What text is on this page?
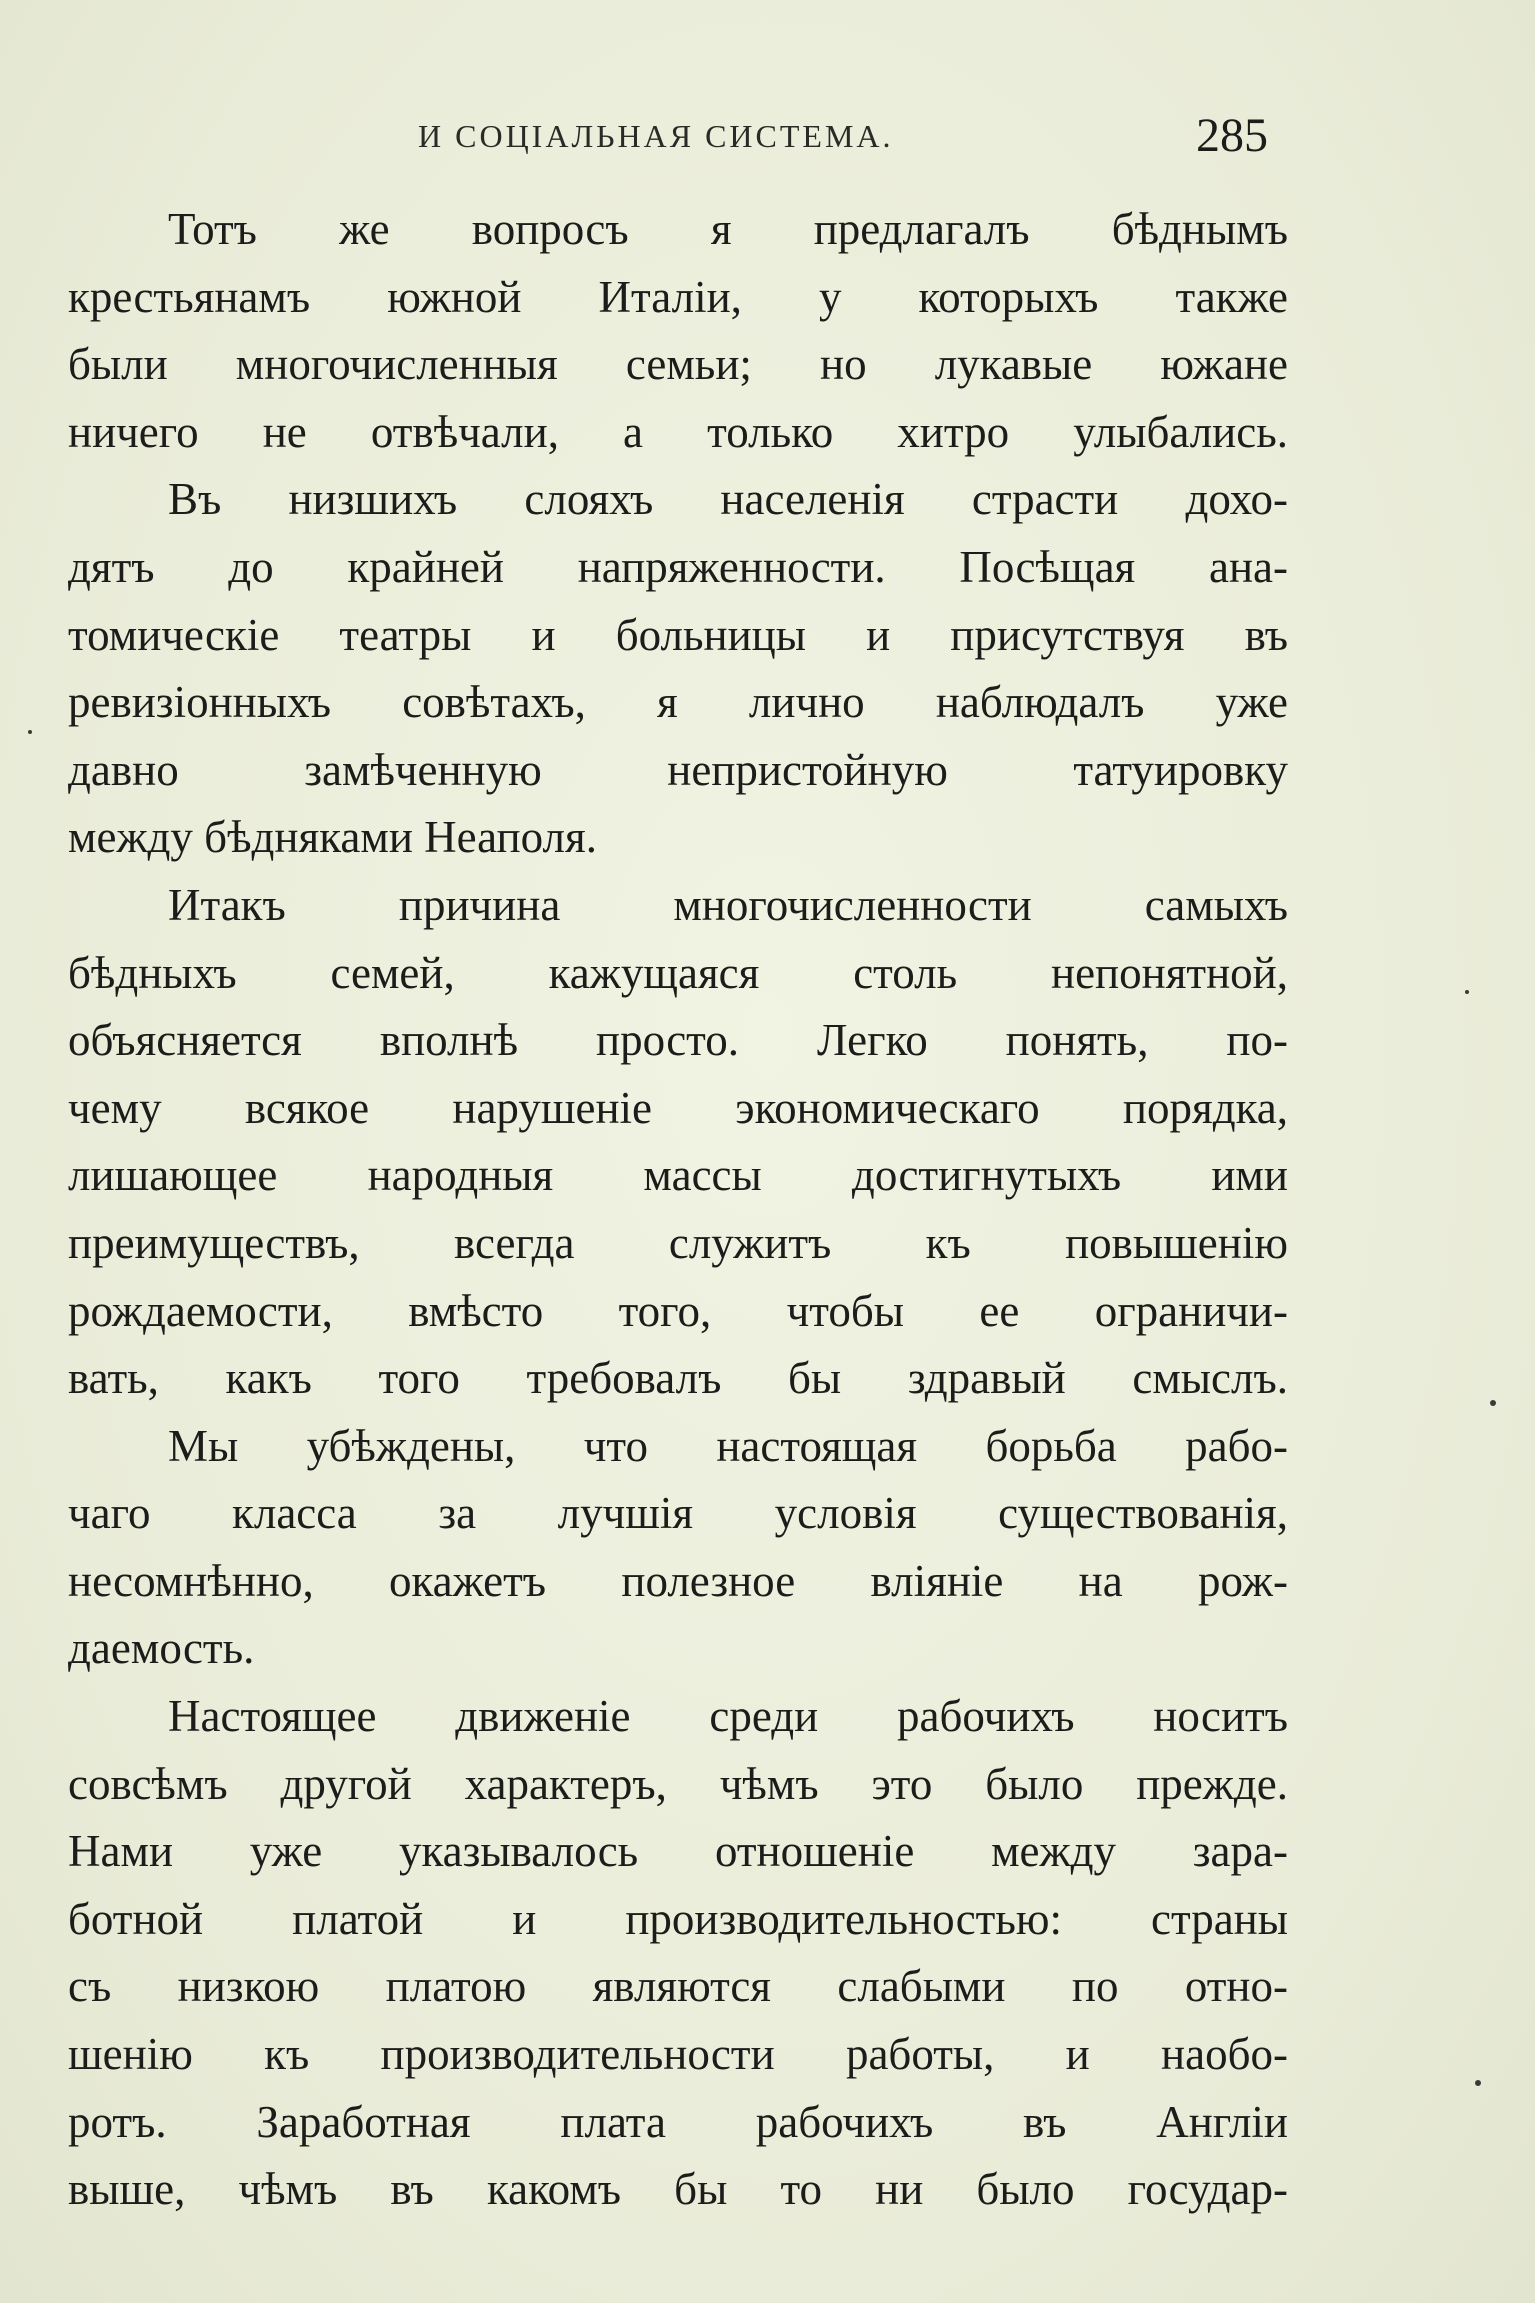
И СОЦІАЛЬНАЯ СИСТЕМА.	285
Тотъ же вопросъ я предлагалъ бѣднымъ
крестьянамъ южной Италіи, у которыхъ также
были многочисленныя семьи; но лукавые южане
ничего не отвѣчали, а только хитро улыбались.
Въ низшихъ слояхъ населенія страсти дохо-
дятъ до крайней напряженности. Посѣщая ана-
томическіе театры и больницы и присутствуя въ
ревизіонныхъ совѣтахъ, я лично наблюдалъ уже
давно замѣченную непристойную татуировку
между бѣдняками Неаполя.
Итакъ причина многочисленности самыхъ
бѣдныхъ семей, кажущаяся столь непонятной,
объясняется вполнѣ просто. Легко понять, по-
чему всякое нарушеніе экономическаго порядка,
лишающее народныя массы достигнутыхъ ими
преимуществъ, всегда служитъ къ повышенію
рождаемости, вмѣсто того, чтобы ее ограничи-
вать, какъ того требовалъ бы здравый смыслъ.
Мы убѣждены, что настоящая борьба рабо-
чаго класса за лучшія условія существованія,
несомнѣнно, окажетъ полезное вліяніе на рож-
даемость.
Настоящее движеніе среди рабочихъ носитъ
совсѣмъ другой характеръ, чѣмъ это было прежде.
Нами уже указывалось отношеніе между зара-
ботной платой и производительностью: страны
съ низкою платою являются слабыми по отно-
шенію къ производительности работы, и наобо-
ротъ. Заработная плата рабочихъ въ Англіи
выше, чѣмъ въ какомъ бы то ни было государ-
